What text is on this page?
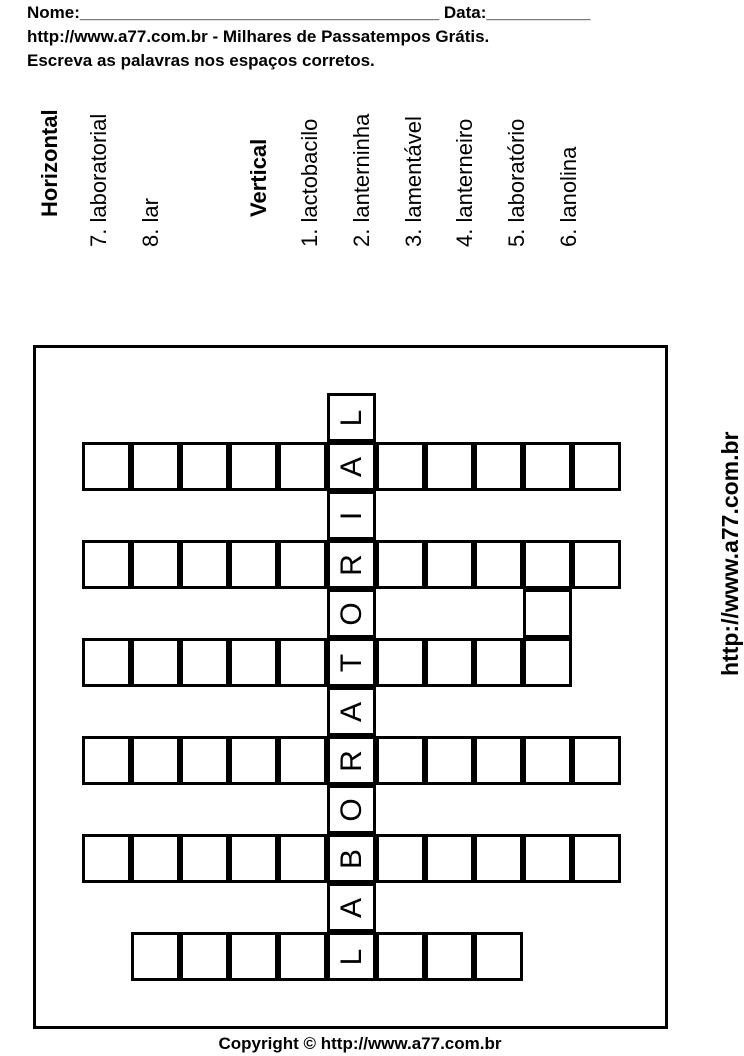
Nome:______________________________________ Data:___________
http://www.a77.com.br - Milhares de Passatempos Grátis.
Escreva as palavras nos espaços corretos.
Horizontal 7. laboratorial 8. lar
Vertical 1. lactobacilo 2. lanterninha 3. lamentável 4. lanterneiro 5. laboratório 6. lanolina
L
A
I
R
O
T
A
R
O
B
A
L
http://www.a77.com.br
Copyright © http://www.a77.com.br
